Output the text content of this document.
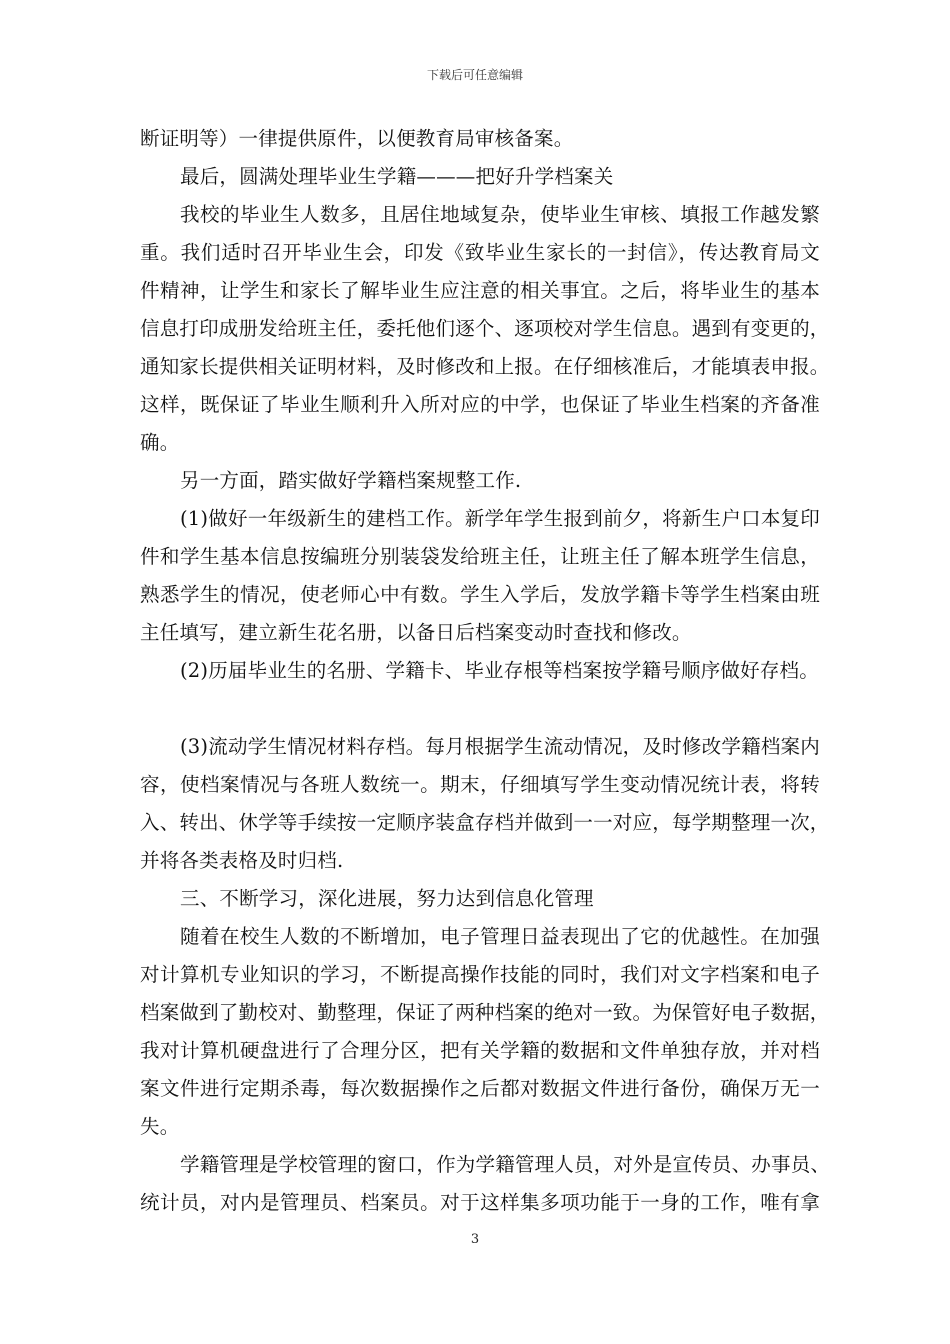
下载后可任意编辑
断证明等）一律提供原件，以便教育局审核备案。
最后，圆满处理毕业生学籍———把好升学档案关
我校的毕业生人数多，且居住地域复杂，使毕业生审核、填报工作越发繁
重。我们适时召开毕业生会，印发《致毕业生家长的一封信》，传达教育局文
件精神，让学生和家长了解毕业生应注意的相关事宜。之后，将毕业生的基本
信息打印成册发给班主任，委托他们逐个、逐项校对学生信息。遇到有变更的，
通知家长提供相关证明材料，及时修改和上报。在仔细核准后，才能填表申报。
这样，既保证了毕业生顺利升入所对应的中学，也保证了毕业生档案的齐备准
确。
另一方面，踏实做好学籍档案规整工作.
(1)做好一年级新生的建档工作。新学年学生报到前夕，将新生户口本复印
件和学生基本信息按编班分别装袋发给班主任，让班主任了解本班学生信息，
熟悉学生的情况，使老师心中有数。学生入学后，发放学籍卡等学生档案由班
主任填写，建立新生花名册，以备日后档案变动时查找和修改。
(2)历届毕业生的名册、学籍卡、毕业存根等档案按学籍号顺序做好存档。
(3)流动学生情况材料存档。每月根据学生流动情况，及时修改学籍档案内
容，使档案情况与各班人数统一。期末，仔细填写学生变动情况统计表，将转
入、转出、休学等手续按一定顺序装盒存档并做到一一对应，每学期整理一次，
并将各类表格及时归档.
三、不断学习，深化进展，努力达到信息化管理
随着在校生人数的不断增加，电子管理日益表现出了它的优越性。在加强
对计算机专业知识的学习，不断提高操作技能的同时，我们对文字档案和电子
档案做到了勤校对、勤整理，保证了两种档案的绝对一致。为保管好电子数据，
我对计算机硬盘进行了合理分区，把有关学籍的数据和文件单独存放，并对档
案文件进行定期杀毒，每次数据操作之后都对数据文件进行备份，确保万无一
失。
学籍管理是学校管理的窗口，作为学籍管理人员，对外是宣传员、办事员、
统计员，对内是管理员、档案员。对于这样集多项功能于一身的工作，唯有拿
3
